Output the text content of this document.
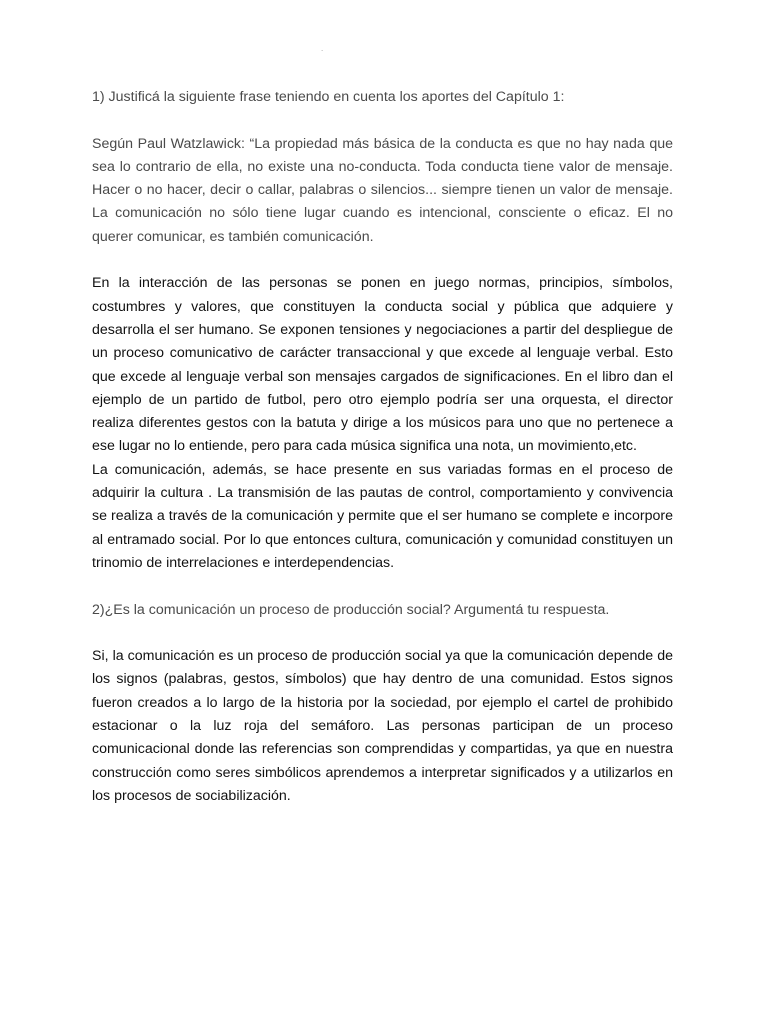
.

1) Justificá la siguiente frase teniendo en cuenta los aportes del Capítulo 1:

Según Paul Watzlawick: “La propiedad más básica de la conducta es que no hay nada que sea lo contrario de ella, no existe una no-conducta. Toda conducta tiene valor de mensaje. Hacer o no hacer, decir o callar, palabras o silencios... siempre tienen un valor de mensaje. La comunicación no sólo tiene lugar cuando es intencional, consciente o eficaz. El no querer comunicar, es también comunicación.

En la interacción de las personas se ponen en juego normas, principios, símbolos, costumbres y valores, que constituyen la conducta social y pública que adquiere y desarrolla el ser humano. Se exponen tensiones y negociaciones a partir del despliegue de un proceso comunicativo de carácter transaccional y que excede al lenguaje verbal. Esto que excede al lenguaje verbal son mensajes cargados de significaciones. En el libro dan el ejemplo de un partido de futbol, pero otro ejemplo podría ser una orquesta, el director realiza diferentes gestos con la batuta y dirige a los músicos para uno que no pertenece a ese lugar no lo entiende, pero para cada música significa una nota, un movimiento,etc.

La comunicación, además, se hace presente en sus variadas formas en el proceso de adquirir la cultura . La transmisión de las pautas de control, comportamiento y convivencia se realiza a través de la comunicación y permite que el ser humano se complete e incorpore al entramado social. Por lo que entonces cultura, comunicación y comunidad constituyen un trinomio de interrelaciones e interdependencias.

2)¿Es la comunicación un proceso de producción social? Argumentá tu respuesta.

Si, la comunicación es un proceso de producción social ya que la comunicación depende de los signos (palabras, gestos, símbolos) que hay dentro de una comunidad. Estos signos fueron creados a lo largo de la historia por la sociedad, por ejemplo el cartel de prohibido estacionar o la luz roja del semáforo. Las personas participan de un proceso comunicacional donde las referencias son comprendidas y compartidas, ya que en nuestra construcción como seres simbólicos aprendemos a interpretar significados y a utilizarlos en los procesos de sociabilización.
